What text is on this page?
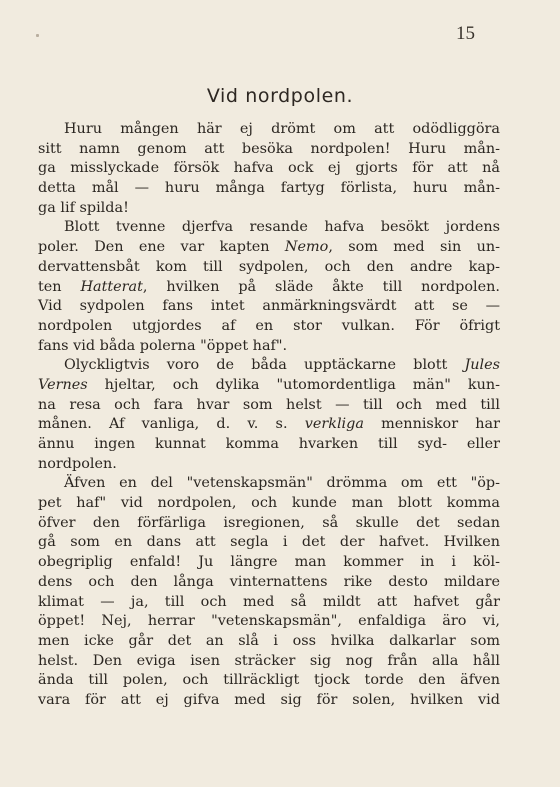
15
Vid nordpolen.
Huru mången här ej drömt om att odödliggöra
sitt namn genom att besöka nordpolen! Huru mån-
ga misslyckade försök hafva ock ej gjorts för att nå
detta mål — huru många fartyg förlista, huru mån-
ga lif spilda!
Blott tvenne djerfva resande hafva besökt jordens
poler. Den ene var kapten Nemo, som med sin un-
dervattensbåt kom till sydpolen, och den andre kap-
ten Hatterat, hvilken på släde åkte till nordpolen.
Vid sydpolen fans intet anmärkningsvärdt att se —
nordpolen utgjordes af en stor vulkan. För öfrigt
fans vid båda polerna "öppet haf".
Olyckligtvis voro de båda upptäckarne blott Jules
Vernes hjeltar, och dylika "utomordentliga män" kun-
na resa och fara hvar som helst — till och med till
månen. Af vanliga, d. v. s. verkliga menniskor har
ännu ingen kunnat komma hvarken till syd- eller
nordpolen.
Äfven en del "vetenskapsmän" drömma om ett "öp-
pet haf" vid nordpolen, och kunde man blott komma
öfver den förfärliga isregionen, så skulle det sedan
gå som en dans att segla i det der hafvet. Hvilken
obegriplig enfald! Ju längre man kommer in i köl-
dens och den långa vinternattens rike desto mildare
klimat — ja, till och med så mildt att hafvet går
öppet! Nej, herrar "vetenskapsmän", enfaldiga äro vi,
men icke går det an slå i oss hvilka dalkarlar som
helst. Den eviga isen sträcker sig nog från alla håll
ända till polen, och tillräckligt tjock torde den äfven
vara för att ej gifva med sig för solen, hvilken vid
